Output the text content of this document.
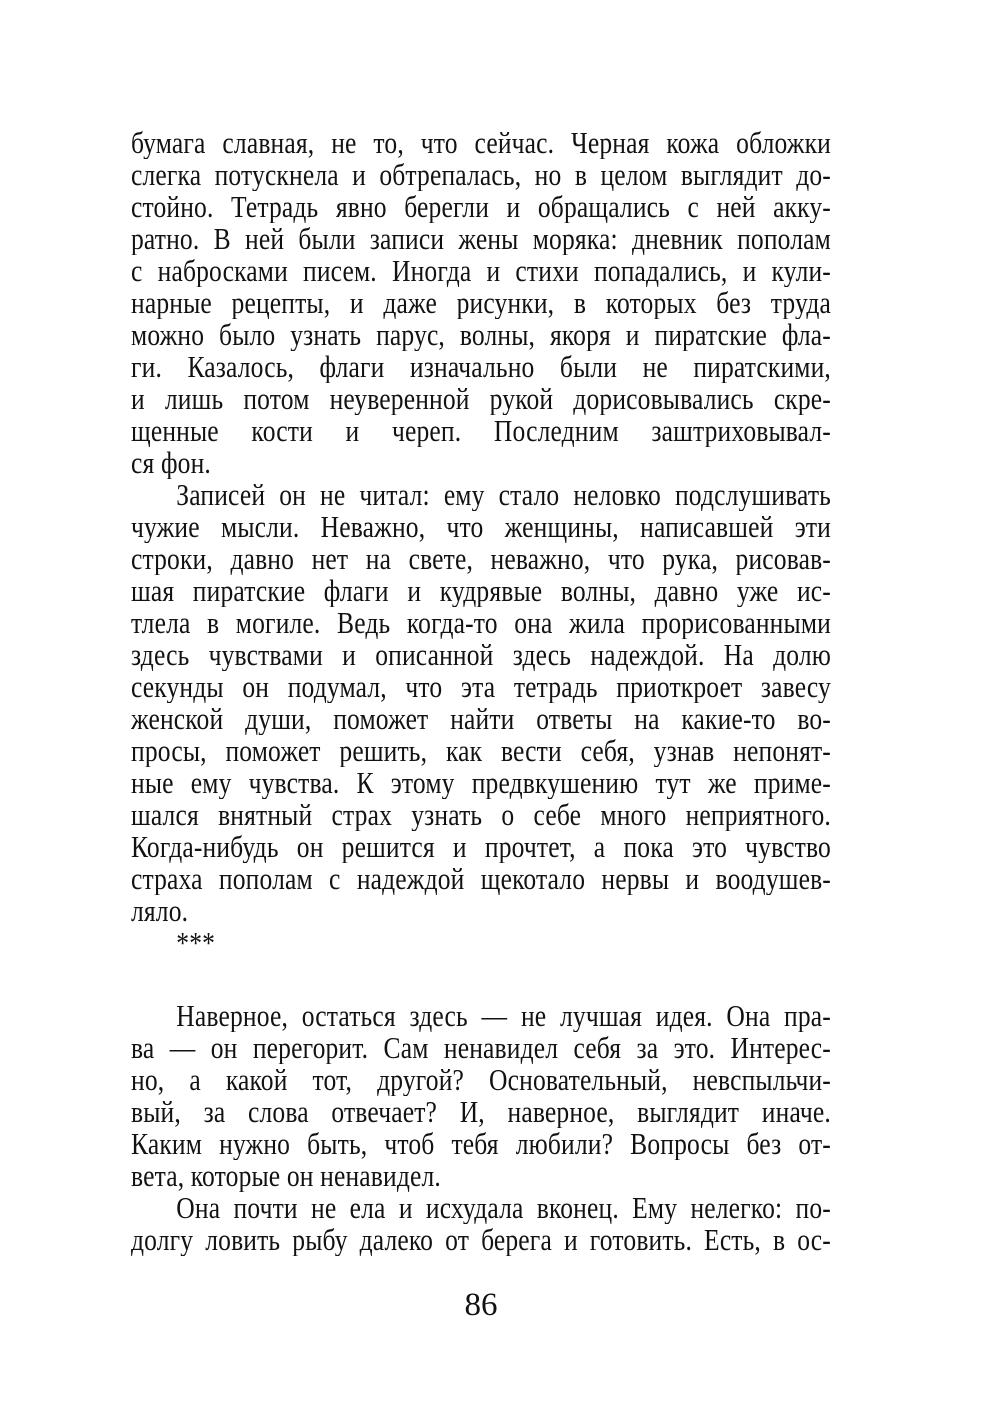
бумага славная, не то, что сейчас. Черная кожа обложки
слегка потускнела и обтрепалась, но в целом выглядит до-
стойно. Тетрадь явно берегли и обращались с ней акку-
ратно. В ней были записи жены моряка: дневник пополам
с набросками писем. Иногда и стихи попадались, и кули-
нарные рецепты, и даже рисунки, в которых без труда
можно было узнать парус, волны, якоря и пиратские фла-
ги. Казалось, флаги изначально были не пиратскими,
и лишь потом неуверенной рукой дорисовывались скре-
щенные кости и череп. Последним заштриховывал-
ся фон.
Записей он не читал: ему стало неловко подслушивать
чужие мысли. Неважно, что женщины, написавшей эти
строки, давно нет на свете, неважно, что рука, рисовав-
шая пиратские флаги и кудрявые волны, давно уже ис-
тлела в могиле. Ведь когда-то она жила прорисованными
здесь чувствами и описанной здесь надеждой. На долю
секунды он подумал, что эта тетрадь приоткроет завесу
женской души, поможет найти ответы на какие-то во-
просы, поможет решить, как вести себя, узнав непонят-
ные ему чувства. К этому предвкушению тут же приме-
шался внятный страх узнать о себе много неприятного.
Когда-нибудь он решится и прочтет, а пока это чувство
страха пополам с надеждой щекотало нервы и воодушев-
ляло.
***
Наверное, остаться здесь — не лучшая идея. Она пра-
ва — он перегорит. Сам ненавидел себя за это. Интерес-
но, а какой тот, другой? Основательный, невспыльчи-
вый, за слова отвечает? И, наверное, выглядит иначе.
Каким нужно быть, чтоб тебя любили? Вопросы без от-
вета, которые он ненавидел.
Она почти не ела и исхудала вконец. Ему нелегко: по-
долгу ловить рыбу далеко от берега и готовить. Есть, в ос-
86
